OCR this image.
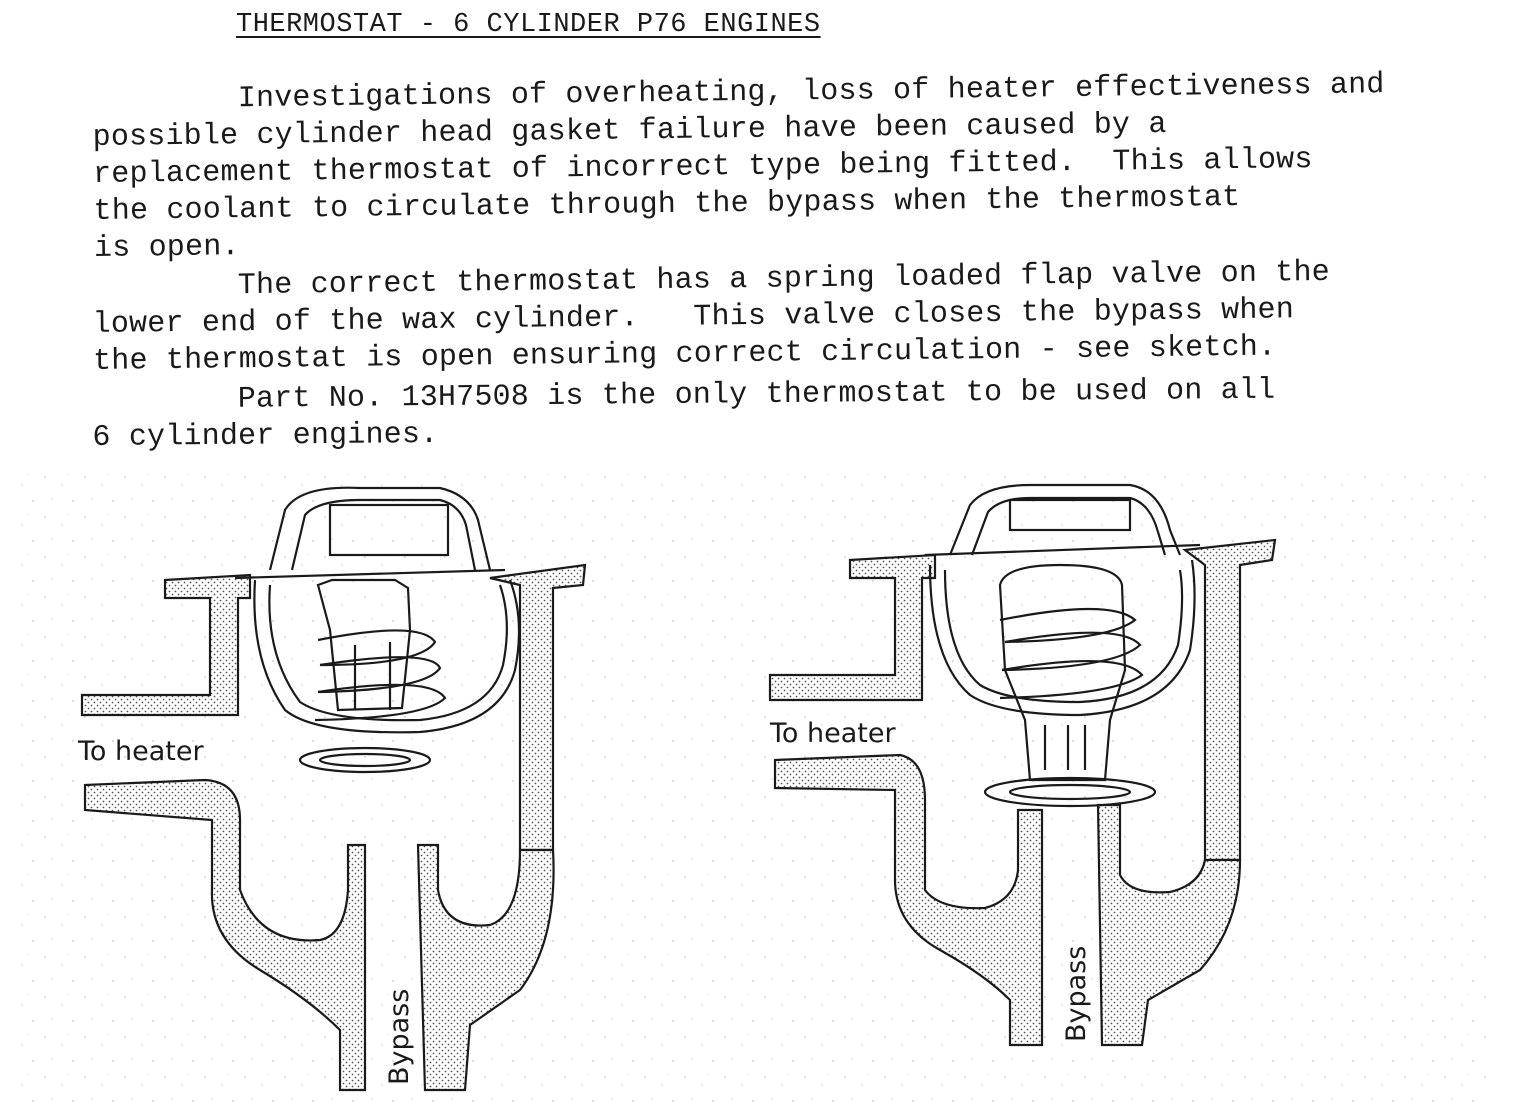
THERMOSTAT - 6 CYLINDER P76 ENGINES

Investigations of overheating, loss of heater effectiveness and
possible cylinder head gasket failure have been caused by a
replacement thermostat of incorrect type being fitted.  This allows
the coolant to circulate through the bypass when the thermostat
is open.

The correct thermostat has a spring loaded flap valve on the
lower end of the wax cylinder.   This valve closes the bypass when
the thermostat is open ensuring correct circulation - see sketch.

Part No. 13H7508 is the only thermostat to be used on all
6 cylinder engines.

To heater
Bypass
To heater
Bypass
